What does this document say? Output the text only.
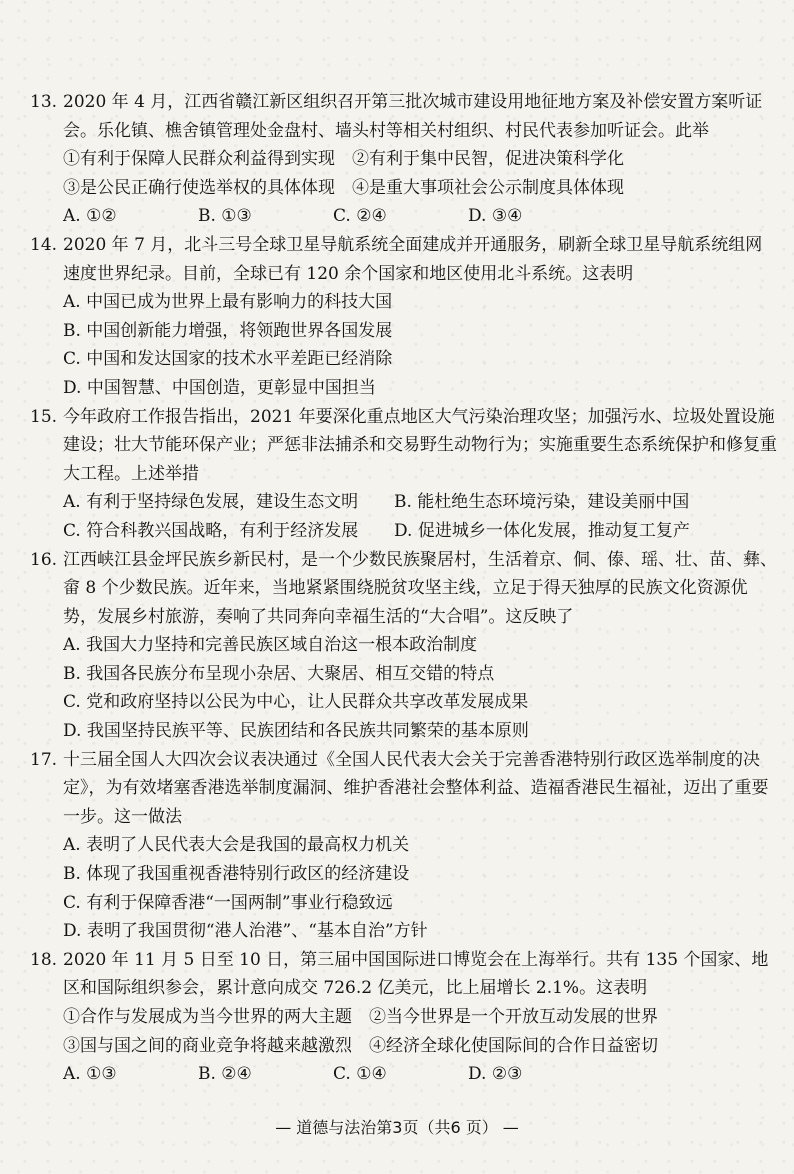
13. 2020 年 4 月，江西省赣江新区组织召开第三批次城市建设用地征地方案及补偿安置方案听证会。乐化镇、樵舍镇管理处金盘村、墙头村等相关村组织、村民代表参加听证会。此举
①有利于保障人民群众利益得到实现　②有利于集中民智，促进决策科学化
③是公民正确行使选举权的具体体现　④是重大事项社会公示制度具体体现
A. ①②	B. ①③	C. ②④	D. ③④
14. 2020 年 7 月，北斗三号全球卫星导航系统全面建成并开通服务，刷新全球卫星导航系统组网速度世界纪录。目前，全球已有 120 余个国家和地区使用北斗系统。这表明
A. 中国已成为世界上最有影响力的科技大国
B. 中国创新能力增强，将领跑世界各国发展
C. 中国和发达国家的技术水平差距已经消除
D. 中国智慧、中国创造，更彰显中国担当
15. 今年政府工作报告指出，2021 年要深化重点地区大气污染治理攻坚；加强污水、垃圾处置设施建设；壮大节能环保产业；严惩非法捕杀和交易野生动物行为；实施重要生态系统保护和修复重大工程。上述举措
A. 有利于坚持绿色发展，建设生态文明	B. 能杜绝生态环境污染，建设美丽中国
C. 符合科教兴国战略，有利于经济发展	D. 促进城乡一体化发展，推动复工复产
16. 江西峡江县金坪民族乡新民村，是一个少数民族聚居村，生活着京、侗、傣、瑶、壮、苗、彝、畲 8 个少数民族。近年来，当地紧紧围绕脱贫攻坚主线，立足于得天独厚的民族文化资源优势，发展乡村旅游，奏响了共同奔向幸福生活的“大合唱”。这反映了
A. 我国大力坚持和完善民族区域自治这一根本政治制度
B. 我国各民族分布呈现小杂居、大聚居、相互交错的特点
C. 党和政府坚持以公民为中心，让人民群众共享改革发展成果
D. 我国坚持民族平等、民族团结和各民族共同繁荣的基本原则
17. 十三届全国人大四次会议表决通过《全国人民代表大会关于完善香港特别行政区选举制度的决定》，为有效堵塞香港选举制度漏洞、维护香港社会整体利益、造福香港民生福祉，迈出了重要一步。这一做法
A. 表明了人民代表大会是我国的最高权力机关
B. 体现了我国重视香港特别行政区的经济建设
C. 有利于保障香港“一国两制”事业行稳致远
D. 表明了我国贯彻“港人治港”、“基本自治”方针
18. 2020 年 11 月 5 日至 10 日，第三届中国国际进口博览会在上海举行。共有 135 个国家、地区和国际组织参会，累计意向成交 726.2 亿美元，比上届增长 2.1%。这表明
①合作与发展成为当今世界的两大主题　②当今世界是一个开放互动发展的世界
③国与国之间的商业竞争将越来越激烈　④经济全球化使国际间的合作日益密切
A. ①③	B. ②④	C. ①④	D. ②③
— 道德与法治第3页（共6 页） —
